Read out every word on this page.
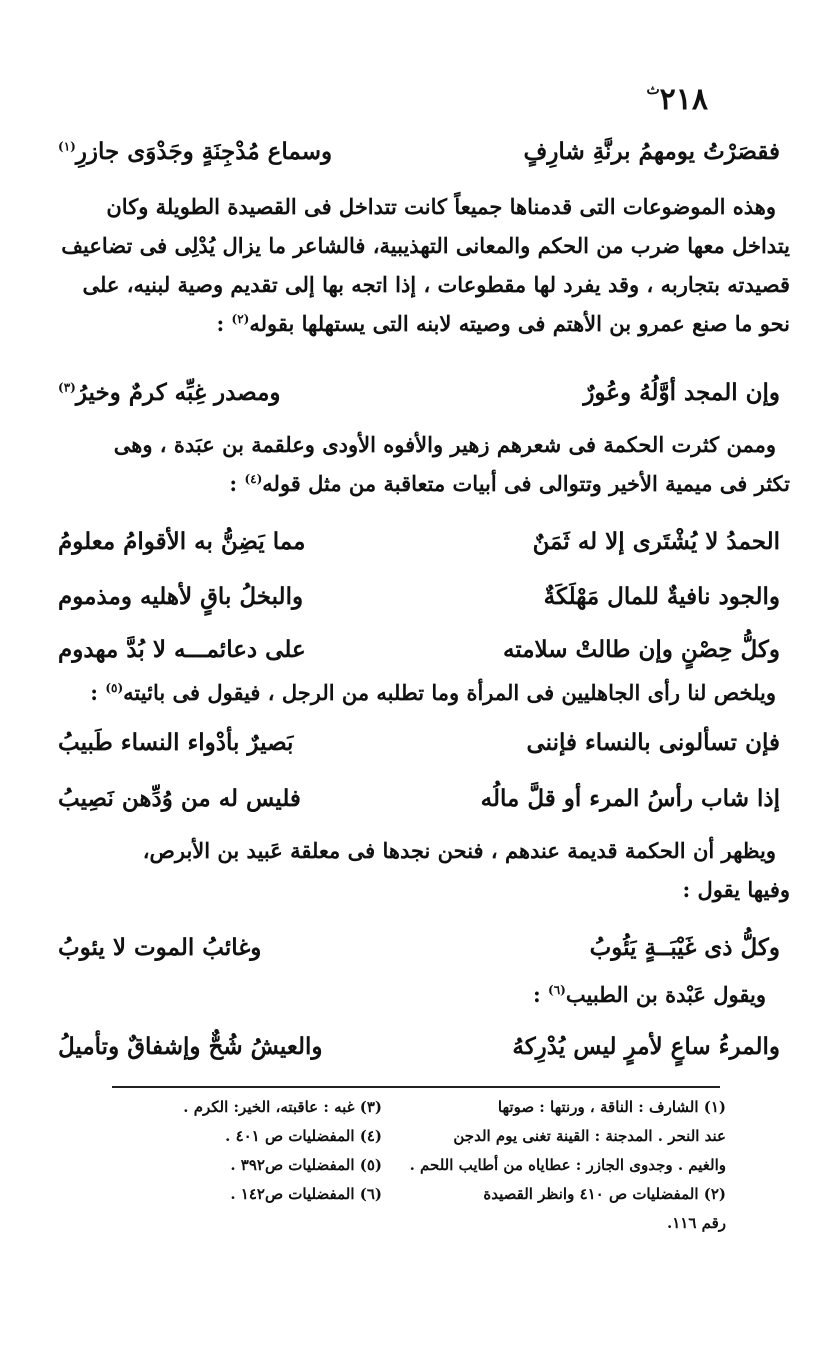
$٢١٨^ث$
فقصَرْتُ يومهمُ برنَّةِ شارِفٍ
وسماع مُدْجِنَةٍ وجَدْوَى جازرِ$^{(١)}$
وهذه الموضوعات التى قدمناها جميعاً كانت تتداخل فى القصيدة الطويلة وكان
يتداخل معها ضرب من الحكم والمعانى التهذيبية، فالشاعر ما يزال يُدْلِى فى تضاعيف
قصيدته بتجاربه ، وقد يفرد لها مقطوعات ، إذا اتجه بها إلى تقديم وصية لبنيه، على
نحو ما صنع عمرو بن الأهتم فى وصيته لابنه التى يستهلها بقوله$^{(٢)}$ :
وإن المجد أوَّلُهُ وعُورٌ
ومصدر غِبِّه كرمٌ وخيرُ$^{(٣)}$
وممن كثرت الحكمة فى شعرهم زهير والأفوه الأودى وعلقمة بن عبَدة ، وهى
تكثر فى ميمية الأخير وتتوالى فى أبيات متعاقبة من مثل قوله$^{(٤)}$ :
الحمدُ لا يُشْتَرى إلا له ثَمَنٌ
مما يَضِنُّ به الأقوامُ معلومُ
والجود نافيةٌ للمال مَهْلَكَةٌ
والبخلُ باقٍ لأهليه ومذموم
وكلُّ حِصْنٍ وإن طالتْ سلامته
على دعائمـــه لا بُدَّ مهدوم
ويلخص لنا رأى الجاهليين فى المرأة وما تطلبه من الرجل ، فيقول فى بائيته$^{(٥)}$ :
فإن تسألونى بالنساء فإننى
بَصيرٌ بأدْواء النساء طَبيبُ
إذا شاب رأسُ المرء أو قلَّ مالُه
فليس له من وُدِّهن نَصِيبُ
ويظهر أن الحكمة قديمة عندهم ، فنحن نجدها فى معلقة عَبيد بن الأبرص،
وفيها يقول :
وكلُّ ذى غَيْبَــةٍ يَئُوبُ
وغائبُ الموت لا يئوبُ
ويقول عَبْدة بن الطبيب$^{(٦)}$ :
والمرءُ ساعٍ لأمرٍ ليس يُدْرِكهُ
والعيشُ شُحٌّ وإشفاقٌ وتأميلُ
(١) الشارف : الناقة ، ورنتها : صوتها
عند النحر . المدجنة : القينة تغنى يوم الدجن
والغيم . وجدوى الجازر : عطاياه من أطايب اللحم .
(٢) المفضليات ص ٤١٠ وانظر القصيدة
رقم ١١٦.
(٣) غبه : عاقبته، الخير: الكرم .
(٤) المفضليات ص ٤٠١ .
(٥) المفضليات ص٣٩٢ .
(٦) المفضليات ص١٤٢ .
